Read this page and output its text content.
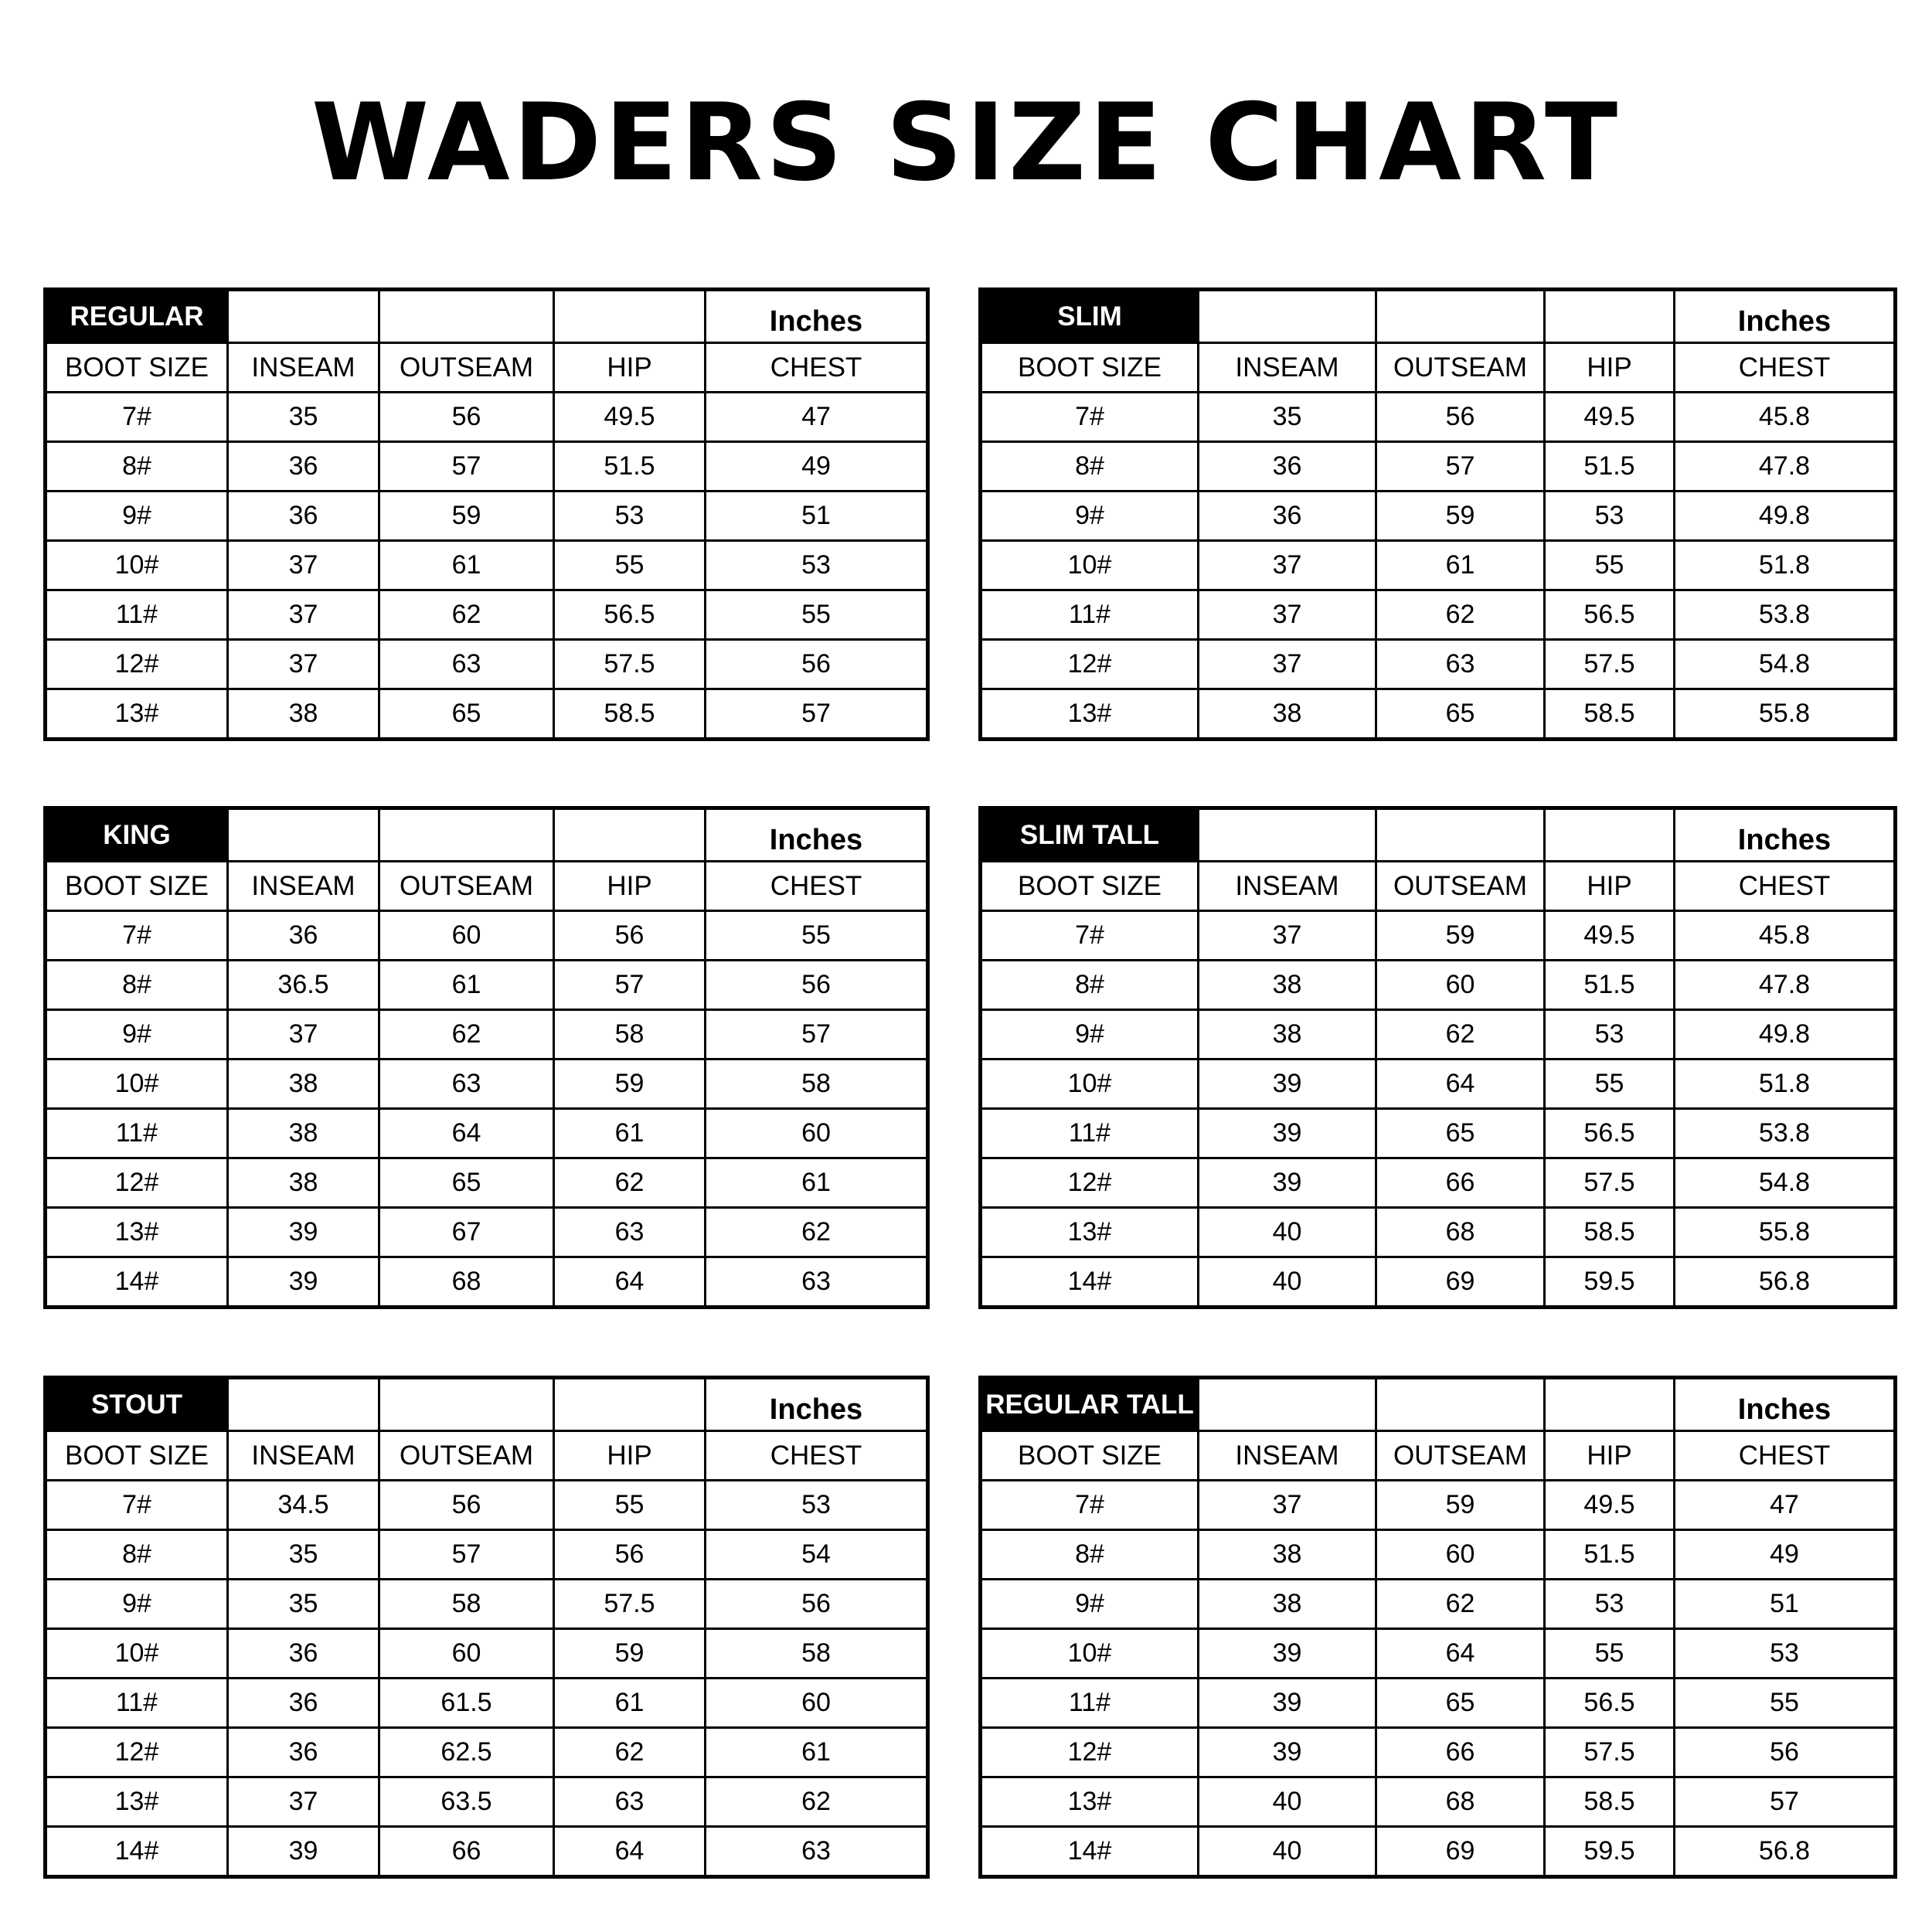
WADERS SIZE CHART
REGULAR				Inches
BOOT SIZE	INSEAM	OUTSEAM	HIP	CHEST
7#	35	56	49.5	47
8#	36	57	51.5	49
9#	36	59	53	51
10#	37	61	55	53
11#	37	62	56.5	55
12#	37	63	57.5	56
13#	38	65	58.5	57
SLIM				Inches
BOOT SIZE	INSEAM	OUTSEAM	HIP	CHEST
7#	35	56	49.5	45.8
8#	36	57	51.5	47.8
9#	36	59	53	49.8
10#	37	61	55	51.8
11#	37	62	56.5	53.8
12#	37	63	57.5	54.8
13#	38	65	58.5	55.8
KING				Inches
BOOT SIZE	INSEAM	OUTSEAM	HIP	CHEST
7#	36	60	56	55
8#	36.5	61	57	56
9#	37	62	58	57
10#	38	63	59	58
11#	38	64	61	60
12#	38	65	62	61
13#	39	67	63	62
14#	39	68	64	63
SLIM TALL				Inches
BOOT SIZE	INSEAM	OUTSEAM	HIP	CHEST
7#	37	59	49.5	45.8
8#	38	60	51.5	47.8
9#	38	62	53	49.8
10#	39	64	55	51.8
11#	39	65	56.5	53.8
12#	39	66	57.5	54.8
13#	40	68	58.5	55.8
14#	40	69	59.5	56.8
STOUT				Inches
BOOT SIZE	INSEAM	OUTSEAM	HIP	CHEST
7#	34.5	56	55	53
8#	35	57	56	54
9#	35	58	57.5	56
10#	36	60	59	58
11#	36	61.5	61	60
12#	36	62.5	62	61
13#	37	63.5	63	62
14#	39	66	64	63
REGULAR TALL				Inches
BOOT SIZE	INSEAM	OUTSEAM	HIP	CHEST
7#	37	59	49.5	47
8#	38	60	51.5	49
9#	38	62	53	51
10#	39	64	55	53
11#	39	65	56.5	55
12#	39	66	57.5	56
13#	40	68	58.5	57
14#	40	69	59.5	56.8
